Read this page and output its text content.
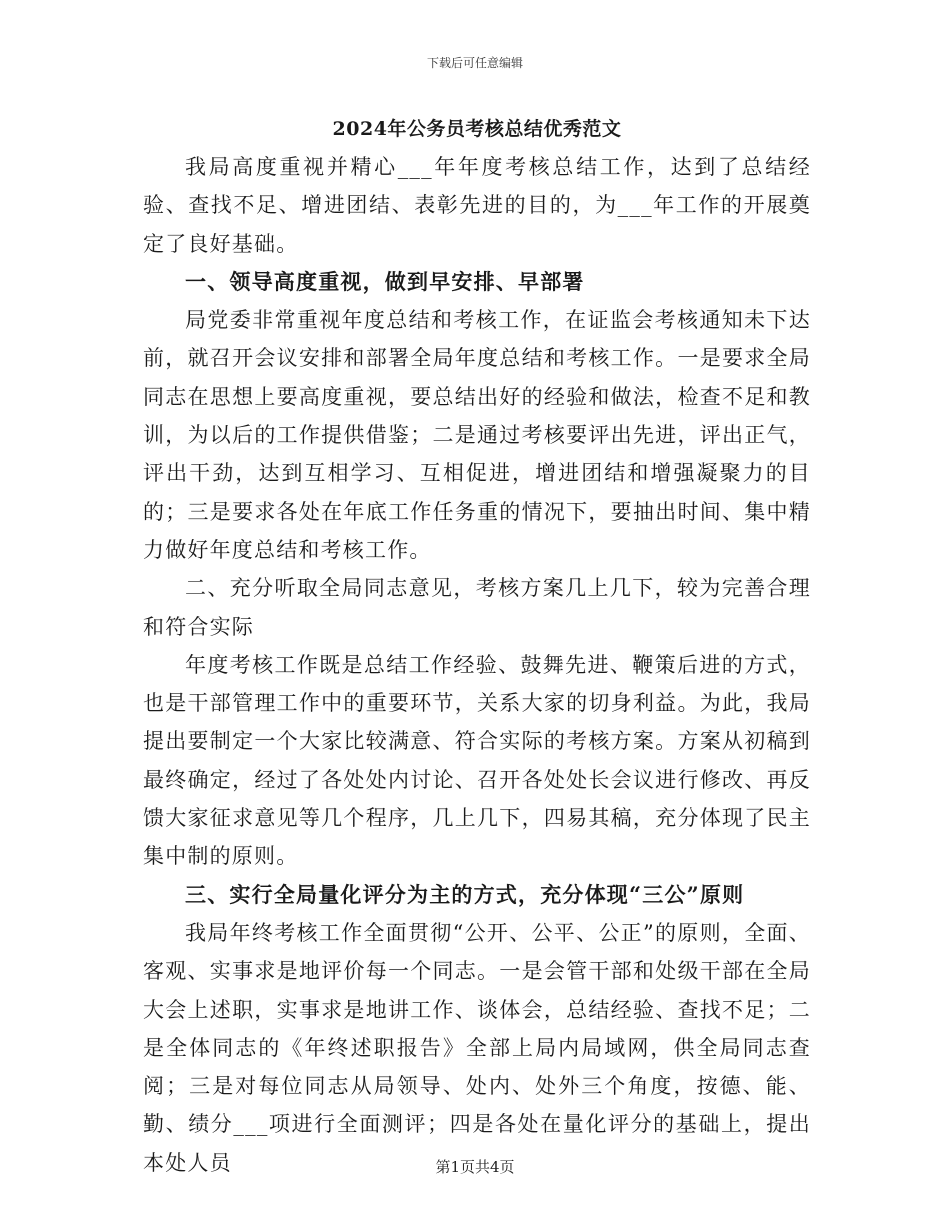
下载后可任意编辑
2024年公务员考核总结优秀范文

我局高度重视并精心___年年度考核总结工作，达到了总结经验、查找不足、增进团结、表彰先进的目的，为___年工作的开展奠定了良好基础。

一、领导高度重视，做到早安排、早部署

局党委非常重视年度总结和考核工作，在证监会考核通知未下达前，就召开会议安排和部署全局年度总结和考核工作。一是要求全局同志在思想上要高度重视，要总结出好的经验和做法，检查不足和教训，为以后的工作提供借鉴；二是通过考核要评出先进，评出正气，评出干劲，达到互相学习、互相促进，增进团结和增强凝聚力的目的；三是要求各处在年底工作任务重的情况下，要抽出时间、集中精力做好年度总结和考核工作。

二、充分听取全局同志意见，考核方案几上几下，较为完善合理和符合实际

年度考核工作既是总结工作经验、鼓舞先进、鞭策后进的方式，也是干部管理工作中的重要环节，关系大家的切身利益。为此，我局提出要制定一个大家比较满意、符合实际的考核方案。方案从初稿到最终确定，经过了各处处内讨论、召开各处处长会议进行修改、再反馈大家征求意见等几个程序，几上几下，四易其稿，充分体现了民主集中制的原则。

三、实行全局量化评分为主的方式，充分体现“三公”原则

我局年终考核工作全面贯彻“公开、公平、公正”的原则，全面、客观、实事求是地评价每一个同志。一是会管干部和处级干部在全局大会上述职，实事求是地讲工作、谈体会，总结经验、查找不足；二是全体同志的《年终述职报告》全部上局内局域网，供全局同志查阅；三是对每位同志从局领导、处内、处外三个角度，按德、能、勤、绩分___项进行全面测评；四是各处在量化评分的基础上，提出本处人员	第1页共4页
